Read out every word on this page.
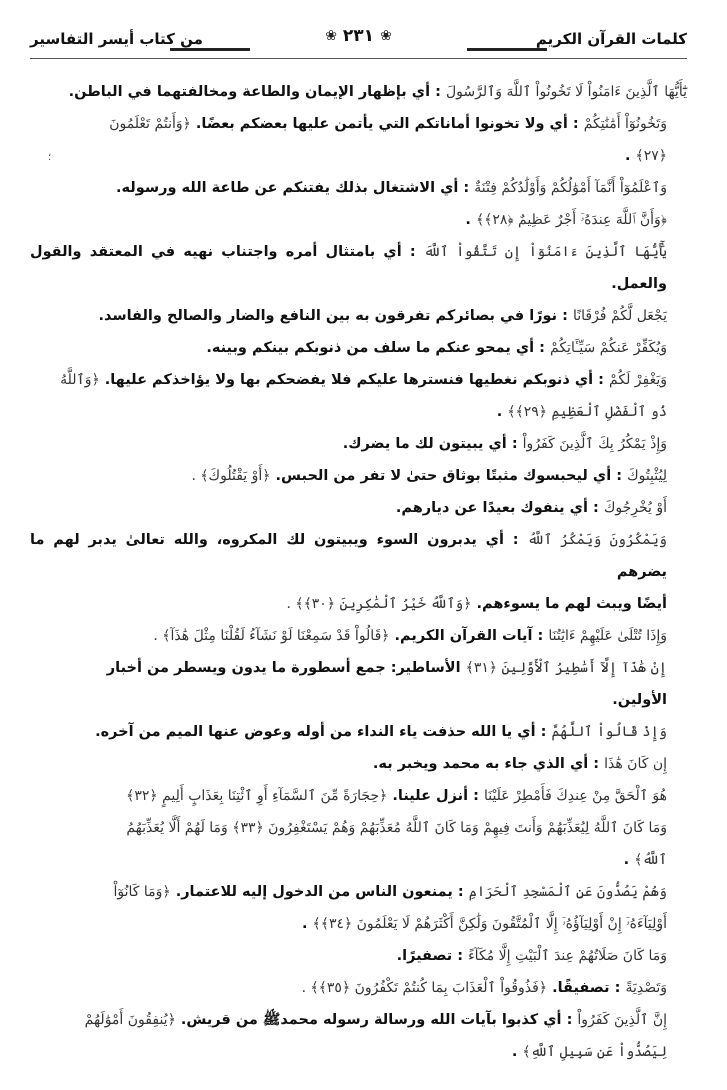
كلمات القرآن الكريم
❀
٢٣١
❀
من كتاب أيسر التفاسير
؛
يَٰٓأَيُّهَا ٱلَّذِينَ ءَامَنُواْ لَا تَخُونُواْ ٱللَّهَ وَٱلرَّسُولَ : أي بإظهار الإيمان والطاعة ومخالفتهما في الباطن.
وَتَخُونُوٓاْ أَمَٰنَٰتِكُمْ : أي ولا تخونوا أماناتكم التي يأتمن عليها بعضكم بعضًا. ﴿وَأَنتُمْ تَعْلَمُونَ
﴿٢٧﴾ .
وَٱعْلَمُوٓاْ أَنَّمَآ أَمْوَٰلُكُمْ وَأَوْلَٰدُكُمْ فِتْنَةٌ : أي الاشتغال بذلك يفتنكم عن طاعة الله ورسوله.
﴿وَأَنَّ ٱللَّهَ عِندَهُۥٓ أَجْرٌ عَظِيمٌ ﴿٢٨﴾﴾ .
يَٰٓأَيُّهَا ٱلَّذِينَ ءَامَنُوٓاْ إِن تَتَّقُواْ ٱللَّهَ : أي بامتثال أمره واجتناب نهيه في المعتقد والقول والعمل.
يَجْعَل لَّكُمْ فُرْقَانًا : نورًا في بصائركم تفرقون به بين النافع والضار والصالح والفاسد.
وَيُكَفِّرْ عَنكُمْ سَيِّـَٔاتِكُمْ : أي يمحو عنكم ما سلف من ذنوبكم بينكم وبينه.
وَيَغْفِرْ لَكُمْ : أي ذنوبكم نغطيها فنسترها عليكم فلا يفضحكم بها ولا يؤاخذكم عليها. ﴿وَٱللَّهُ
ذُو ٱلْفَضْلِ ٱلْعَظِيمِ ﴿٢٩﴾﴾ .
وَإِذْ يَمْكُرُ بِكَ ٱلَّذِينَ كَفَرُواْ : أي يبيتون لك ما يضرك.
لِيُثْبِتُوكَ : أي ليحبسوك مثبتًا بوثاق حتىٰ لا تفر من الحبس. ﴿أَوْ يَقْتُلُوكَ﴾ .
أَوْ يُخْرِجُوكَ : أي ينفوك بعيدًا عن ديارهم.
وَيَمْكُرُونَ وَيَمْكُرُ ٱللَّهُ : أي يدبرون السوء ويبيتون لك المكروه، والله تعالىٰ يدبر لهم ما يضرهم
أيضًا ويبث لهم ما يسوءهم. ﴿وَٱللَّهُ خَيْرُ ٱلْمَٰكِرِينَ ﴿٣٠﴾﴾ .
وَإِذَا تُتْلَىٰ عَلَيْهِمْ ءَايَٰتُنَا : آيات القرآن الكريم. ﴿قَالُواْ قَدْ سَمِعْنَا لَوْ نَشَآءُ لَقُلْنَا مِثْلَ هَٰذَآ﴾ .
إِنْ هَٰذَآ إِلَّآ أَسَٰطِيرُ ٱلْأَوَّلِينَ ﴿٣١﴾ الأساطير: جمع أسطورة ما يدون ويسطر من أخبار
الأولين.
وَإِذْ قَالُواْ ٱللَّهُمَّ : أي يا الله حذفت ياء النداء من أوله وعوض عنها الميم من آخره.
إِن كَانَ هَٰذَا : أي الذي جاء به محمد ويخبر به.
هُوَ ٱلْحَقَّ مِنْ عِندِكَ فَأَمْطِرْ عَلَيْنَا : أنزل علينا. ﴿حِجَارَةً مِّنَ ٱلسَّمَآءِ أَوِ ٱئْتِنَا بِعَذَابٍ أَلِيمٍ ﴿٣٢﴾
وَمَا كَانَ ٱللَّهُ لِيُعَذِّبَهُمْ وَأَنتَ فِيهِمْ وَمَا كَانَ ٱللَّهُ مُعَذِّبَهُمْ وَهُمْ يَسْتَغْفِرُونَ ﴿٣٣﴾ وَمَا لَهُمْ أَلَّا يُعَذِّبَهُمُ
ٱللَّهُ﴾ .
وَهُمْ يَصُدُّونَ عَنِ ٱلْمَسْجِدِ ٱلْحَرَامِ : يمنعون الناس من الدخول إليه للاعتمار. ﴿وَمَا كَانُوٓاْ
أَوْلِيَآءَهُۥٓ إِنْ أَوْلِيَآؤُهُۥٓ إِلَّا ٱلْمُتَّقُونَ وَلَٰكِنَّ أَكْثَرَهُمْ لَا يَعْلَمُونَ ﴿٣٤﴾﴾ .
وَمَا كَانَ صَلَاتُهُمْ عِندَ ٱلْبَيْتِ إِلَّا مُكَآءً : تصفيرًا.
وَتَصْدِيَةً : تصفيقًا. ﴿فَذُوقُواْ ٱلْعَذَابَ بِمَا كُنتُمْ تَكْفُرُونَ ﴿٣٥﴾﴾ .
إِنَّ ٱلَّذِينَ كَفَرُواْ : أي كذبوا بآيات الله ورسالة رسوله محمدﷺ من قريش. ﴿يُنفِقُونَ أَمْوَٰلَهُمْ
لِيَصُدُّواْ عَن سَبِيلِ ٱللَّهِ﴾ .
